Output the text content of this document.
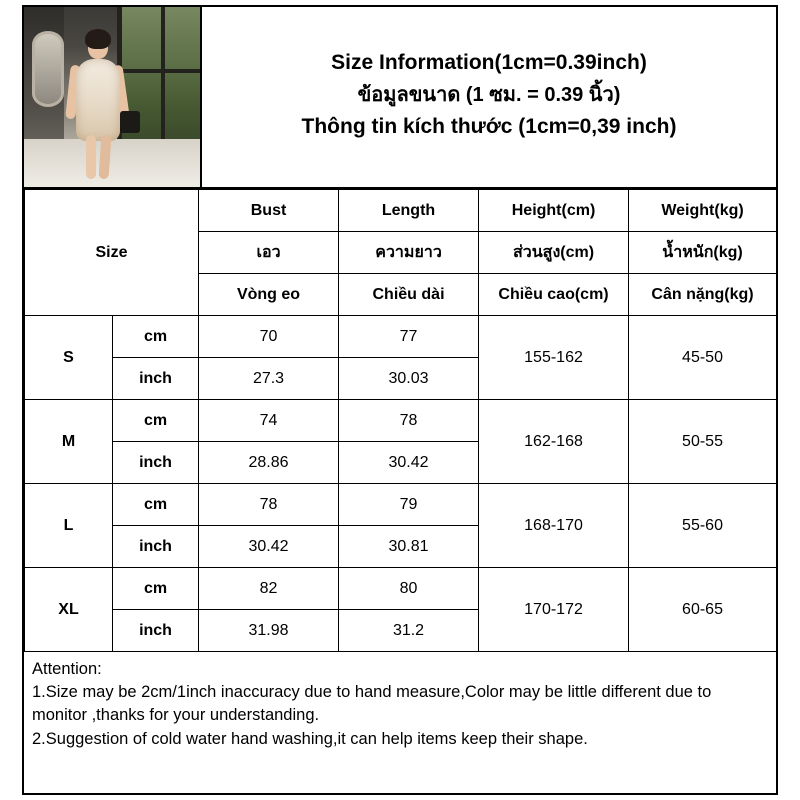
Size Information(1cm=0.39inch)
ข้อมูลขนาด (1 ซม. = 0.39 นิ้ว)
Thông tin kích thước (1cm=0,39 inch)
Size		Bust	Length	Height(cm)	Weight(kg)
		เอว	ความยาว	ส่วนสูง(cm)	น้ำหนัก(kg)
		Vòng eo	Chiều dài	Chiều cao(cm)	Cân nặng(kg)
S	cm	70	77	155-162	45-50
	inch	27.3	30.03		
M	cm	74	78	162-168	50-55
	inch	28.86	30.42		
L	cm	78	79	168-170	55-60
	inch	30.42	30.81		
XL	cm	82	80	170-172	60-65
	inch	31.98	31.2		

Attention:

1.Size may be 2cm/1inch inaccuracy due to hand measure,Color may be little different due to monitor ,thanks for your understanding.

2.Suggestion of cold water hand washing,it can help items keep their shape.
